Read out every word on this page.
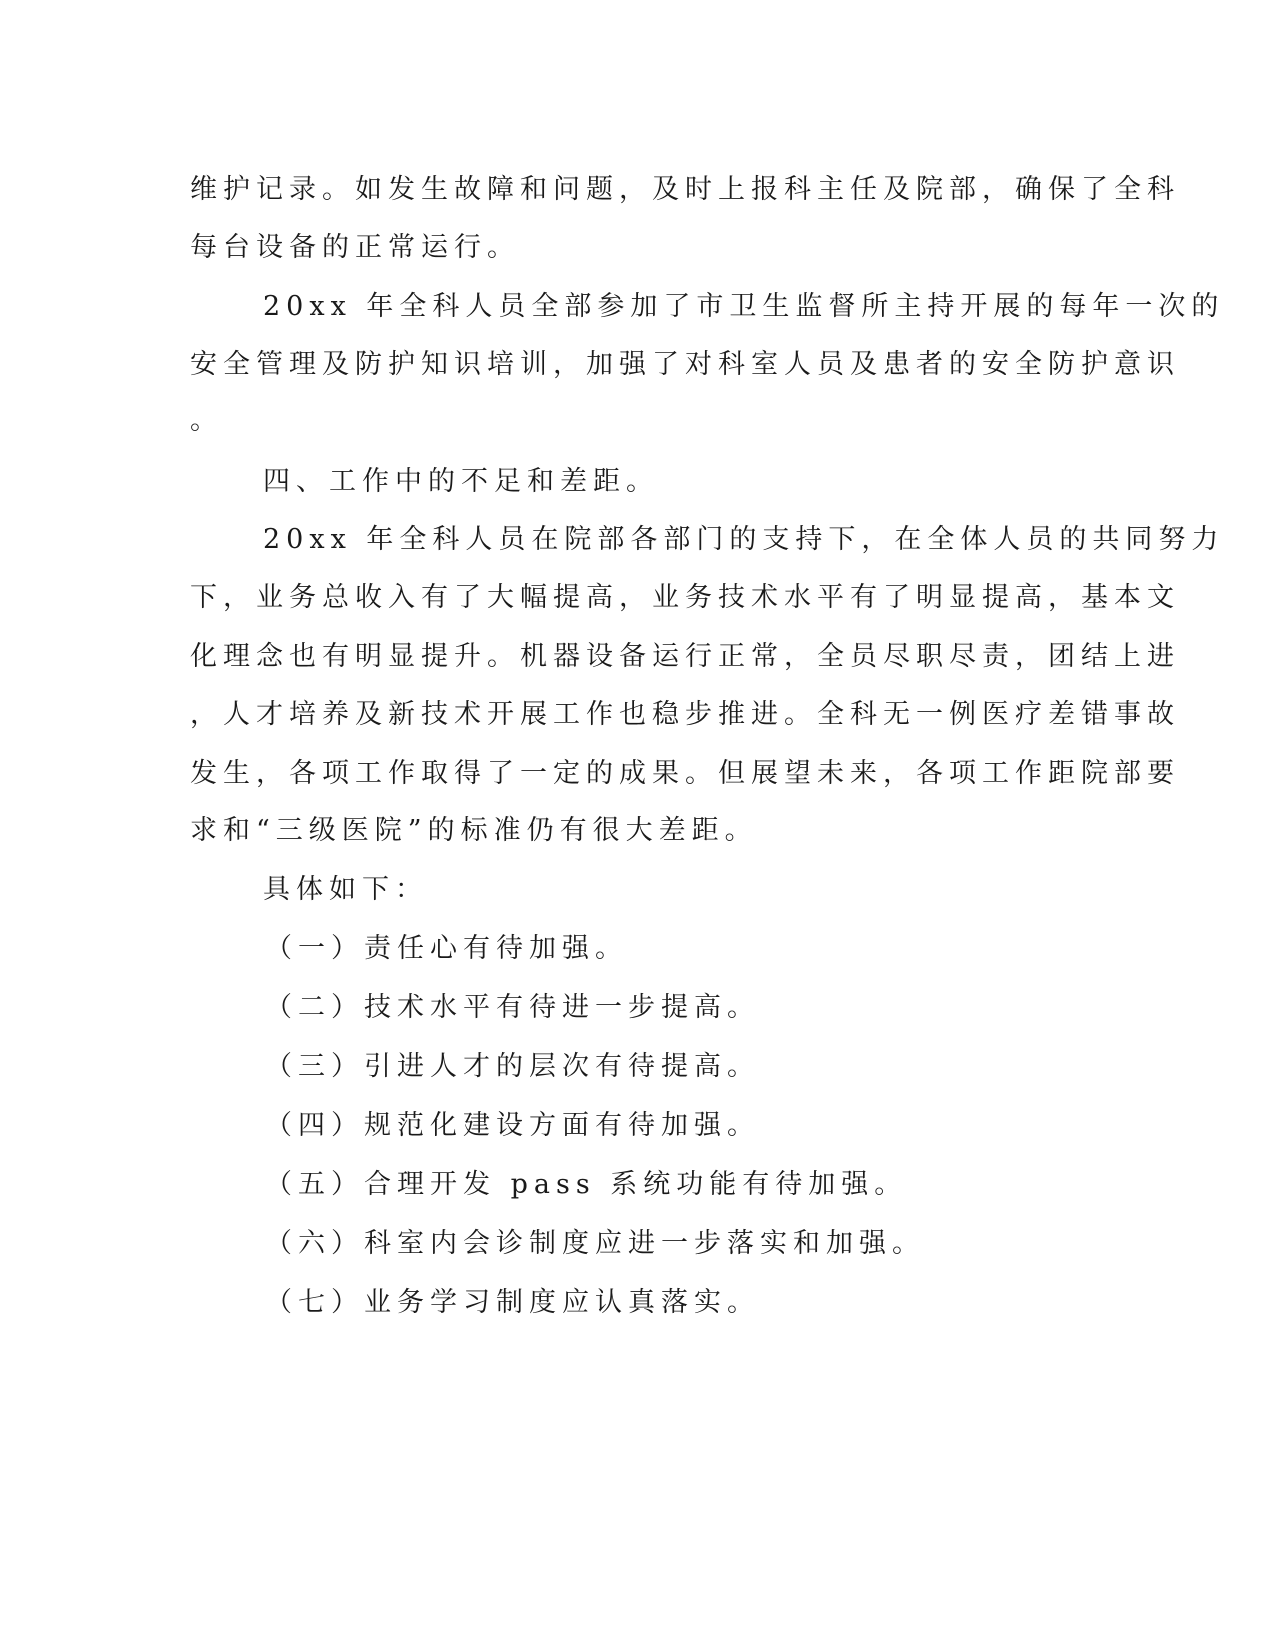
维护记录。如发生故障和问题，及时上报科主任及院部，确保了全科
每台设备的正常运行。
20xx 年全科人员全部参加了市卫生监督所主持开展的每年一次的
安全管理及防护知识培训，加强了对科室人员及患者的安全防护意识
。
四、工作中的不足和差距。
20xx 年全科人员在院部各部门的支持下，在全体人员的共同努力
下，业务总收入有了大幅提高，业务技术水平有了明显提高，基本文
化理念也有明显提升。机器设备运行正常，全员尽职尽责，团结上进
，人才培养及新技术开展工作也稳步推进。全科无一例医疗差错事故
发生，各项工作取得了一定的成果。但展望未来，各项工作距院部要
求和“三级医院”的标准仍有很大差距。
具体如下：
（一）责任心有待加强。
（二）技术水平有待进一步提高。
（三）引进人才的层次有待提高。
（四）规范化建设方面有待加强。
（五）合理开发 pass 系统功能有待加强。
（六）科室内会诊制度应进一步落实和加强。
（七）业务学习制度应认真落实。
